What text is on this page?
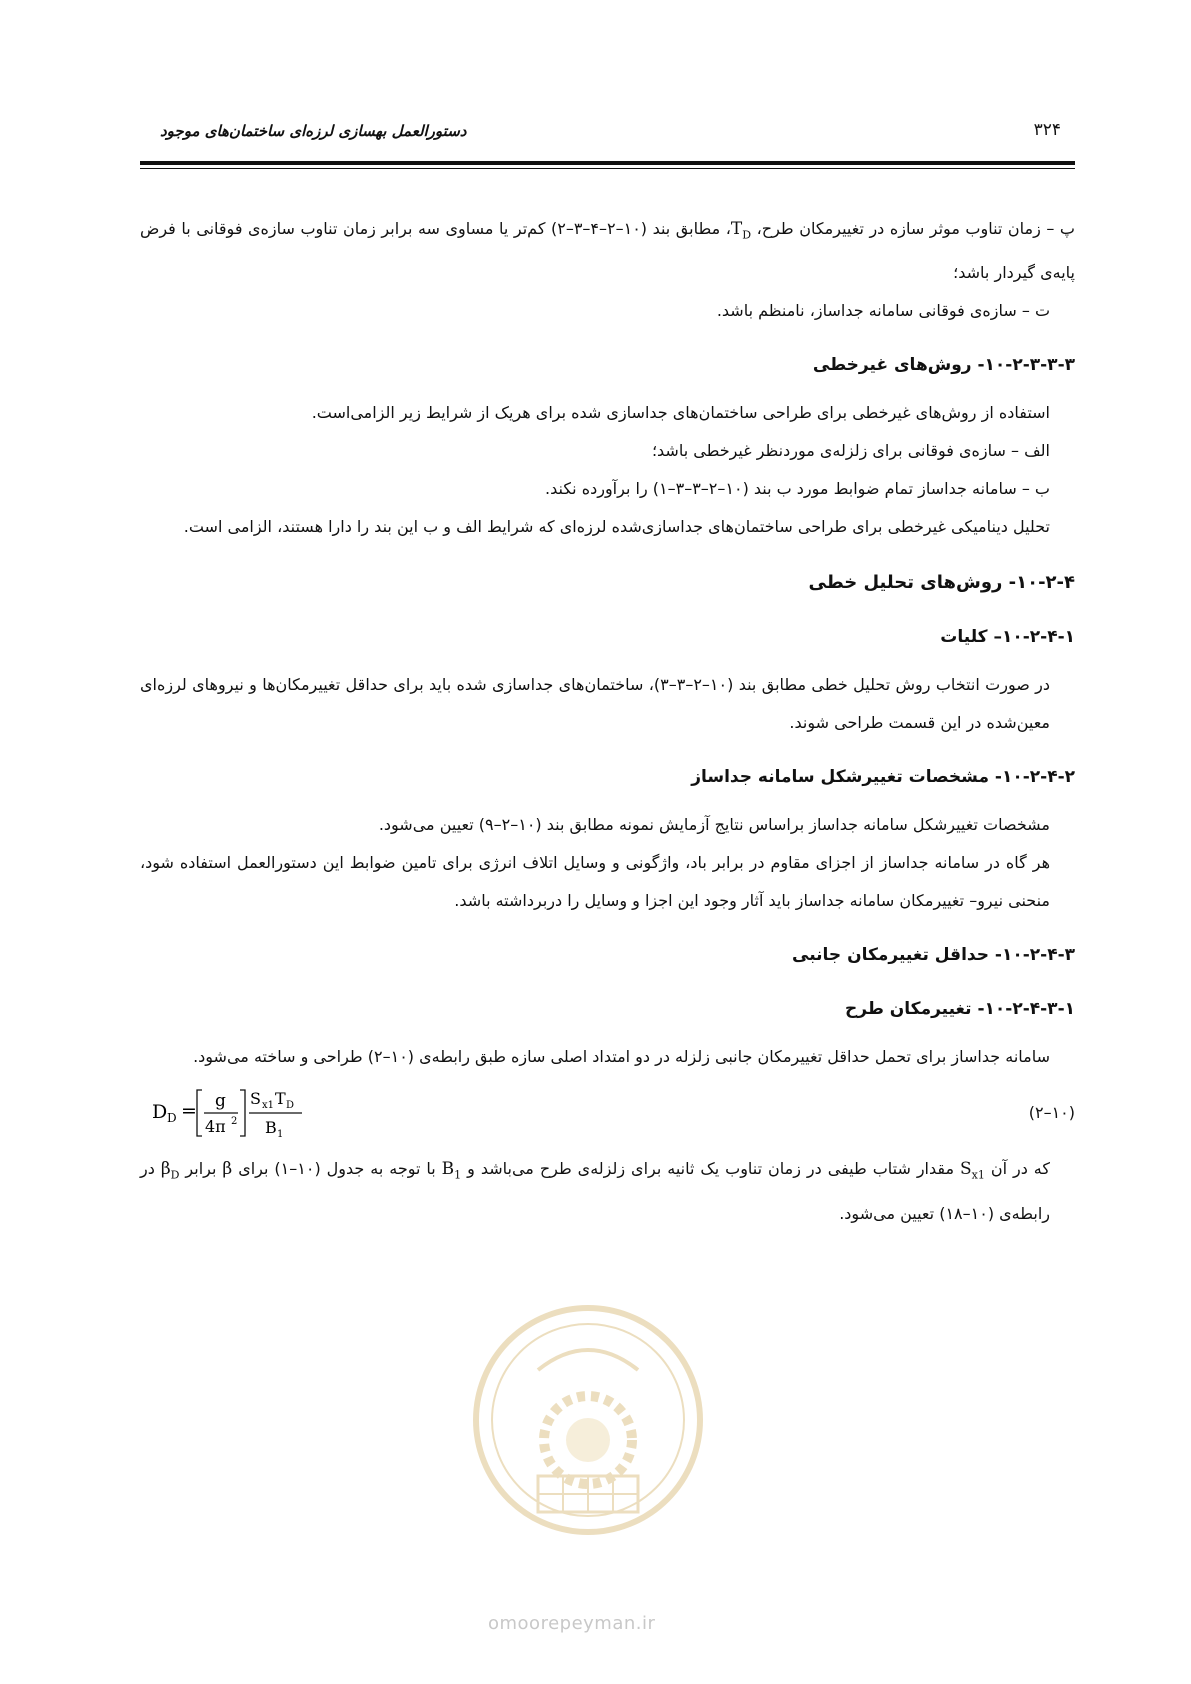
دستورالعمل بهسازی لرزه‌ای ساختمان‌های موجود	۳۲۴

پ – زمان تناوب موثر سازه در تغییرمکان طرح، $T_D،$ مطابق بند (۱۰–۲–۴–۳–۲) کم‌تر یا مساوی سه برابر زمان تناوب سازه‌ی فوقانی با فرض پایه‌ی گیردار باشد؛

ت – سازه‌ی فوقانی سامانه جداساز، نامنظم باشد.

۱۰-۲-۳-۳-۳- روش‌های غیرخطی

استفاده از روش‌های غیرخطی برای طراحی ساختمان‌های جداسازی شده برای هریک از شرایط زیر الزامی‌است.

الف – سازه‌ی فوقانی برای زلزله‌ی موردنظر غیرخطی باشد؛

ب – سامانه جداساز تمام ضوابط مورد ب بند (۱۰–۲–۳–۳–۱) را برآورده نکند.

تحلیل دینامیکی غیرخطی برای طراحی ساختمان‌های جداسازی‌شده لرزه‌ای که شرایط الف و ب این بند را دارا هستند، الزامی است.

۱۰-۲-۴- روش‌های تحلیل خطی
۱۰-۲-۴-۱– کلیات

در صورت انتخاب روش تحلیل خطی مطابق بند (۱۰–۲–۳–۳)، ساختمان‌های جداسازی شده باید برای حداقل تغییرمکان‌ها و نیروهای لرزه‌ای معین‌شده در این قسمت طراحی شوند.

۱۰-۲-۴-۲- مشخصات تغییرشکل سامانه جداساز

مشخصات تغییرشکل سامانه جداساز براساس نتایج آزمایش نمونه مطابق بند (۱۰–۲–۹) تعیین می‌شود.

هر گاه در سامانه جداساز از اجزای مقاوم در برابر باد، واژگونی و وسایل اتلاف انرژی برای تامین ضوابط این دستورالعمل استفاده شود، منحنی نیرو– تغییرمکان سامانه جداساز باید آثار وجود این اجزا و وسایل را دربرداشته باشد.

۱۰-۲-۴-۳- حداقل تغییرمکان جانبی
۱۰-۲-۴-۳-۱- تغییرمکان طرح

سامانه جداساز برای تحمل حداقل تغییرمکان جانبی زلزله در دو امتداد اصلی سازه طبق رابطه‌ی (۱۰–۲) طراحی و ساخته می‌شود.

(۱۰–۲)
D D = g
4π 2
S x1 T D
B 1

که در آن $S_{x1}$ مقدار شتاب طیفی در زمان تناوب یک ثانیه برای زلزله‌ی طرح می‌باشد و $B_1$ با توجه به جدول (۱۰–۱) برای β برابر $\beta_D$ در رابطه‌ی (۱۰–۱۸) تعیین می‌شود.

omoorepeyman.ir
